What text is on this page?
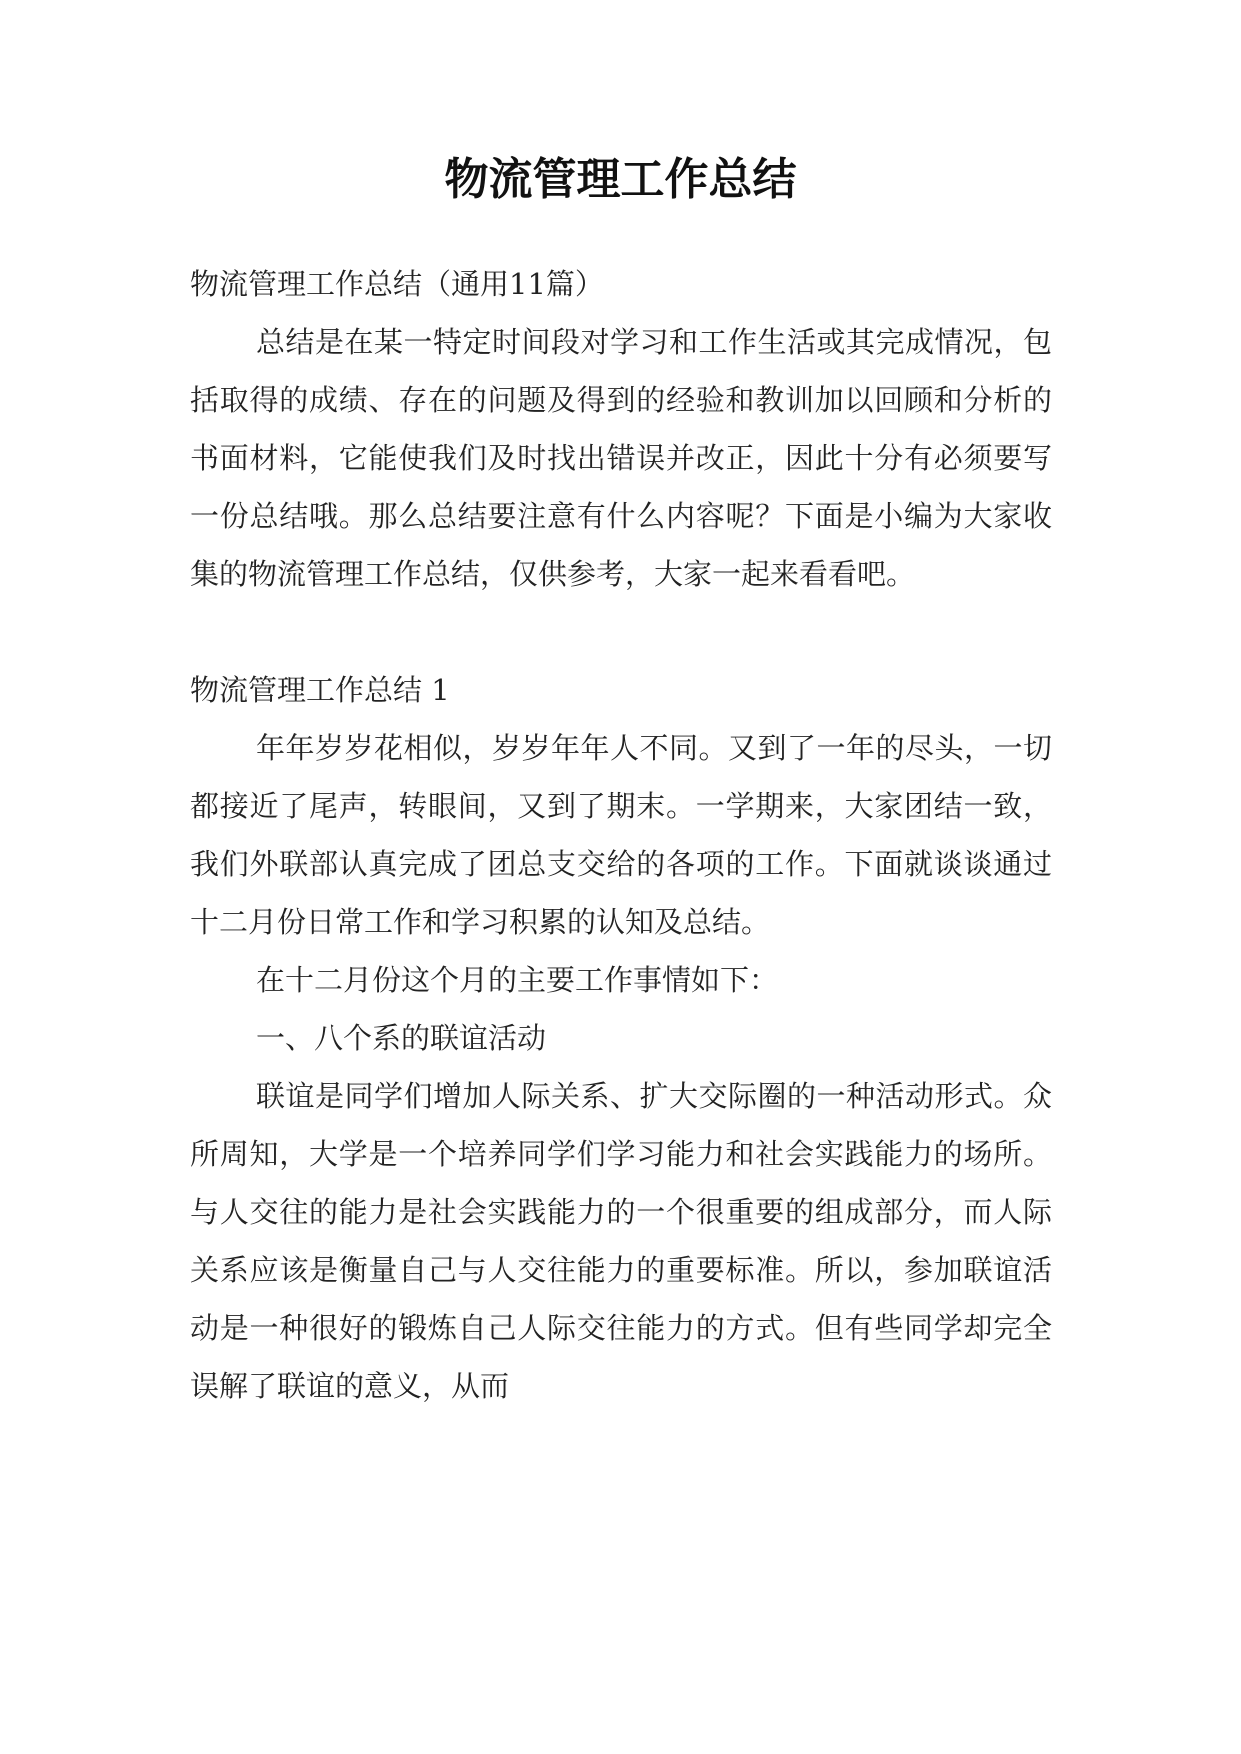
物流管理工作总结

物流管理工作总结（通用11篇）

总结是在某一特定时间段对学习和工作生活或其完成情况，包括取得的成绩、存在的问题及得到的经验和教训加以回顾和分析的书面材料，它能使我们及时找出错误并改正，因此十分有必须要写一份总结哦。那么总结要注意有什么内容呢？下面是小编为大家收集的物流管理工作总结，仅供参考，大家一起来看看吧。

物流管理工作总结 1

年年岁岁花相似，岁岁年年人不同。又到了一年的尽头，一切都接近了尾声，转眼间，又到了期末。一学期来，大家团结一致，我们外联部认真完成了团总支交给的各项的工作。下面就谈谈通过十二月份日常工作和学习积累的认知及总结。

在十二月份这个月的主要工作事情如下：

一、八个系的联谊活动

联谊是同学们增加人际关系、扩大交际圈的一种活动形式。众所周知，大学是一个培养同学们学习能力和社会实践能力的场所。与人交往的能力是社会实践能力的一个很重要的组成部分，而人际关系应该是衡量自己与人交往能力的重要标准。所以，参加联谊活动是一种很好的锻炼自己人际交往能力的方式。但有些同学却完全误解了联谊的意义，从而
